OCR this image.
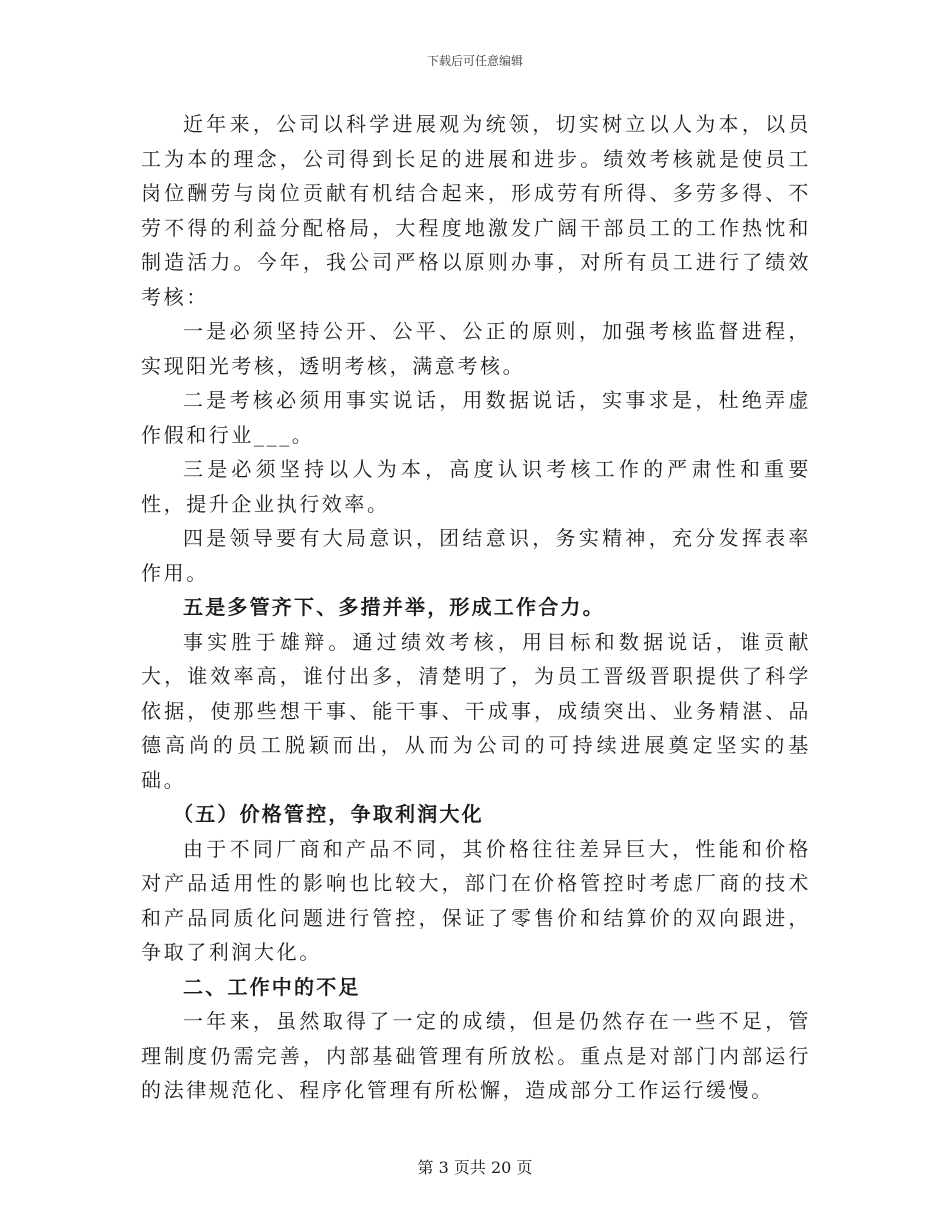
下载后可任意编辑

近年来，公司以科学进展观为统领，切实树立以人为本，以员工为本的理念，公司得到长足的进展和进步。绩效考核就是使员工岗位酬劳与岗位贡献有机结合起来，形成劳有所得、多劳多得、不劳不得的利益分配格局，大程度地激发广阔干部员工的工作热忱和制造活力。今年，我公司严格以原则办事，对所有员工进行了绩效考核：

一是必须坚持公开、公平、公正的原则，加强考核监督进程，实现阳光考核，透明考核，满意考核。

二是考核必须用事实说话，用数据说话，实事求是，杜绝弄虚作假和行业___。

三是必须坚持以人为本，高度认识考核工作的严肃性和重要性，提升企业执行效率。

四是领导要有大局意识，团结意识，务实精神，充分发挥表率作用。

五是多管齐下、多措并举，形成工作合力。

事实胜于雄辩。通过绩效考核，用目标和数据说话，谁贡献大，谁效率高，谁付出多，清楚明了，为员工晋级晋职提供了科学依据，使那些想干事、能干事、干成事，成绩突出、业务精湛、品德高尚的员工脱颖而出，从而为公司的可持续进展奠定坚实的基础。

（五）价格管控，争取利润大化

由于不同厂商和产品不同，其价格往往差异巨大，性能和价格对产品适用性的影响也比较大，部门在价格管控时考虑厂商的技术和产品同质化问题进行管控，保证了零售价和结算价的双向跟进，争取了利润大化。

二、工作中的不足

一年来，虽然取得了一定的成绩，但是仍然存在一些不足，管理制度仍需完善，内部基础管理有所放松。重点是对部门内部运行的法律规范化、程序化管理有所松懈，造成部分工作运行缓慢。

第 3 页共 20 页
